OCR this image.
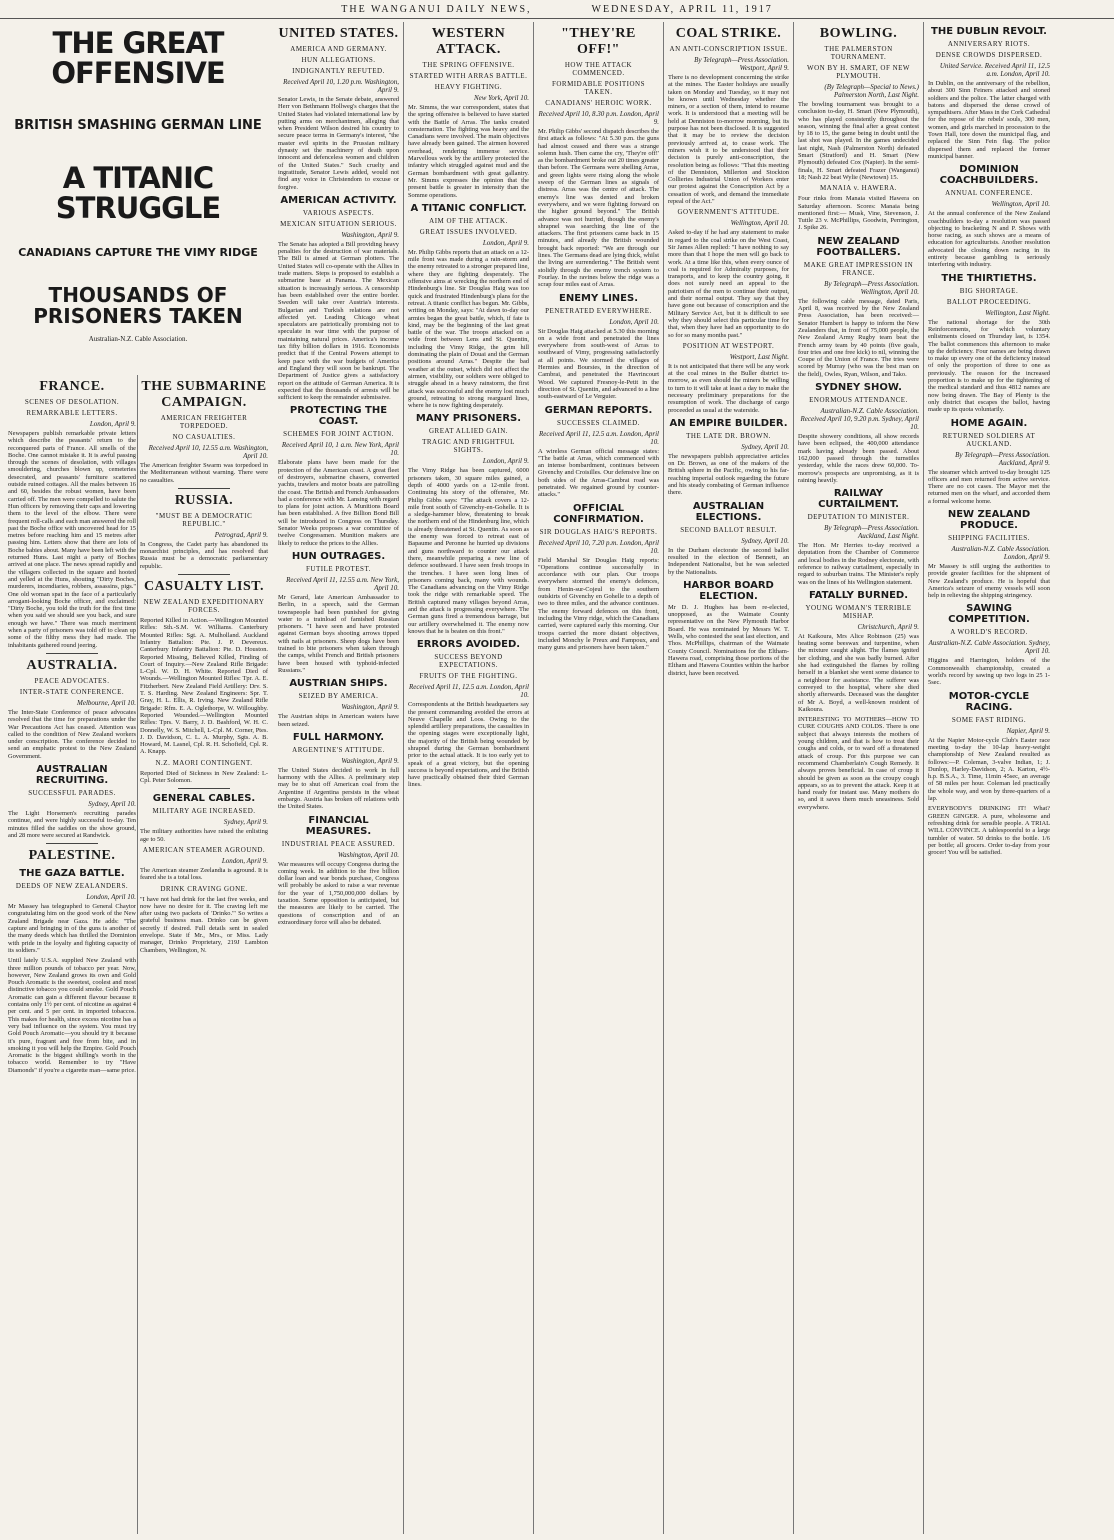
THE WANGANUI DAILY NEWS,	WEDNESDAY, APRIL 11, 1917
THE GREAT OFFENSIVE
BRITISH SMASHING GERMAN LINE
A TITANIC STRUGGLE
CANADIANS CAPTURE THE VIMY RIDGE
THOUSANDS OF PRISONERS TAKEN
Australian-N.Z. Cable Association.
FRANCE.
SCENES OF DESOLATION.
REMARKABLE LETTERS.
London, April 9.

Newspapers publish remarkable private letters which describe the peasants' return to the reconquered parts of France. All smells of the Boche. One cannot mistake it. It is awful passing through the scenes of desolation, with villages smouldering, churches blown up, cemeteries desecrated, and peasants' furniture scattered outside ruined cottages. All the males between 16 and 60, besides the robust women, have been carried off. The men were compelled to salute the Hun officers by removing their caps and lowering them to the level of the elbow. There were frequent roll-calls and each man answered the roll past the Boche office with uncovered head for 15 metres before reaching him and 15 metres after passing him. Letters show that there are lots of Boche babies about. Many have been left with the returned Huns. Last night a party of Boches arrived at one place. The news spread rapidly and the villagers collected in the square and hooted and yelled at the Huns, shouting "Dirty Boches, murderers, incendiaries, robbers, assassins, pigs." One old woman spat in the face of a particularly arrogant-looking Boche officer, and exclaimed: "Dirty Boche, you told the truth for the first time when you said we should see you back, and sure enough we have." There was much merriment when a party of prisoners was told off to clean up some of the filthy mess they had made. The inhabitants gathered round jeering.

AUSTRALIA.
PEACE ADVOCATES.
INTER-STATE CONFERENCE.
Melbourne, April 10.

The Inter-State Conference of peace advocates resolved that the time for preparations under the War Precautions Act has ceased. Attention was called to the condition of New Zealand workers under conscription. The conference decided to send an emphatic protest to the New Zealand Government.

AUSTRALIAN RECRUITING.
SUCCESSFUL PARADES.
Sydney, April 10.

The Light Horsemen's recruiting parades continue, and were highly successful to-day. Ten minutes filled the saddles on the show ground, and 28 more were secured at Randwick.

PALESTINE.
THE GAZA BATTLE.
DEEDS OF NEW ZEALANDERS.
London, April 10.

Mr Massey has telegraphed to General Chaytor congratulating him on the good work of the New Zealand Brigade near Gaza. He adds: "The capture and bringing in of the guns is another of the many deeds which has thrilled the Dominion with pride in the loyalty and fighting capacity of its soldiers."

Until lately U.S.A. supplied New Zealand with three million pounds of tobacco per year. Now, however, New Zealand grows its own and Gold Pouch Aromatic is the sweetest, coolest and most distinctive tobacco you could smoke. Gold Pouch Aromatic can gain a different flavour because it contains only 1½ per cent. of nicotine as against 4 per cent. and 5 per cent. in imported tobaccos. This makes for health, since excess nicotine has a very bad influence on the system. You must try Gold Pouch Aromatic—you should try it because it's pure, fragrant and free from bite, and in smoking it you will help the Empire. Gold Pouch Aromatic is the biggest shilling's worth in the tobacco world. Remember to try "Have Diamonds" if you're a cigarette man—same price.

THE SUBMARINE CAMPAIGN.
AMERICAN FREIGHTER TORPEDOED.
NO CASUALTIES.
Received April 10, 12.55 a.m. Washington, April 10.

The American freighter Swarm was torpedoed in the Mediterranean without warning. There were no casualties.

RUSSIA.
"MUST BE A DEMOCRATIC REPUBLIC."
Petrograd, April 9.

In Congress, the Cadet party has abandoned its monarchist principles, and has resolved that Russia must be a democratic parliamentary republic.

CASUALTY LIST.
NEW ZEALAND EXPEDITIONARY FORCES.

Reported Killed in Action.—Wellington Mounted Rifles: Sth.-S.M. W. Williams. Canterbury Mounted Rifles: Sgt. A. Mulholland. Auckland Infantry Battalion: Pte. J. P. Devereux. Canterbury Infantry Battalion: Pte. D. Houston. Reported Missing, Believed Killed, Finding of Court of Inquiry.—New Zealand Rifle Brigade: L-Cpl. W. D. H. White. Reported Died of Wounds.—Wellington Mounted Rifles: Tpr. A. E. Fitzherbert. New Zealand Field Artillery: Drv. S. T. S. Harding. New Zealand Engineers: Spr. T. Gray, H. L. Ellis, R. Irving. New Zealand Rifle Brigade: Rfm. E. A. Oglethorpe, W. Willoughby. Reported Wounded.—Wellington Mounted Rifles: Tprs. V. Barry, J. D. Bashford, W. H. C. Donnelly, W. S. Mitchell, L-Cpl. M. Corner, Ptes. J. D. Davidson, C. L. A. Murphy, Sgts. A. B. Howard, M. Lasnel, Cpl. R. H. Schofield, Cpl. R. A. Knapp.

N.Z. MAORI CONTINGENT.

Reported Died of Sickness in New Zealand: L-Cpl. Peter Solomon.

GENERAL CABLES.
MILITARY AGE INCREASED.
Sydney, April 9.

The military authorities have raised the enlisting age to 50.

AMERICAN STEAMER AGROUND.
London, April 9.

The American steamer Zeelandia is aground. It is feared she is a total loss.

DRINK CRAVING GONE.

"I have not had drink for the last five weeks, and now have no desire for it. The craving left me after using two packets of 'Drinko.'" So writes a grateful business man. Drinko can be given secretly if desired. Full details sent in sealed envelope. State if Mr., Mrs., or Miss. Lady manager, Drinko Proprietary, 219J Lambton Chambers, Wellington, N.

UNITED STATES.
AMERICA AND GERMANY.
HUN ALLEGATIONS.
INDIGNANTLY REFUTED.
Received April 10, 1.20 p.m. Washington, April 9.

Senator Lewis, in the Senate debate, answered Herr von Bethmann Hollweg's charges that the United States had violated international law by putting arms on merchantmen, alleging that when President Wilson desired his country to secure peace terms in Germany's interest, "the master evil spirits in the Prussian military dynasty set the machinery of death upon innocent and defenceless women and children of the United States." Such cruelty and ingratitude, Senator Lewis added, would not find any voice in Christendom to excuse or forgive.

AMERICAN ACTIVITY.
VARIOUS ASPECTS.
MEXICAN SITUATION SERIOUS.
Washington, April 9.

The Senate has adopted a Bill providing heavy penalties for the destruction of war materials. The Bill is aimed at German plotters. The United States will co-operate with the Allies in trade matters. Steps is proposed to establish a submarine base at Panama. The Mexican situation is increasingly serious. A censorship has been established over the entire border. Sweden will take over Austria's interests. Bulgarian and Turkish relations are not affected yet. Leading Chicago wheat speculators are patriotically promising not to speculate in war time with the purpose of maintaining natural prices. America's income tax fifty billion dollars in 1916. Economists predict that if the Central Powers attempt to keep pace with the war budgets of America and England they will soon be bankrupt. The Department of Justice gives a satisfactory report on the attitude of German America. It is expected that the thousands of arrests will be sufficient to keep the remainder submissive.

PROTECTING THE COAST.
SCHEMES FOR JOINT ACTION.
Received April 10, 1 a.m. New York, April 10.

Elaborate plans have been made for the protection of the American coast. A great fleet of destroyers, submarine chasers, converted yachts, trawlers and motor boats are patrolling the coast. The British and French Ambassadors had a conference with Mr. Lansing with regard to plans for joint action. A Munitions Board has been established. A five Billion Bond Bill will be introduced in Congress on Thursday. Senator Weeks proposes a war committee of twelve Congressmen. Munition makers are likely to reduce the prices to the Allies.

HUN OUTRAGES.
FUTILE PROTEST.
Received April 11, 12.55 a.m. New York, April 10.

Mr Gerard, late American Ambassador to Berlin, in a speech, said the German townspeople had been punished for giving water to a trainload of famished Russian prisoners. "I have seen and have protested against German boys shooting arrows tipped with nails at prisoners. Sheep dogs have been trained to bite prisoners when taken through the camps, whilst French and British prisoners have been housed with typhoid-infected Russians."

AUSTRIAN SHIPS.
SEIZED BY AMERICA.
Washington, April 9.

The Austrian ships in American waters have been seized.

FULL HARMONY.
ARGENTINE'S ATTITUDE.
Washington, April 9.

The United States decided to work in full harmony with the Allies. A preliminary step may be to shut off American coal from the Argentine if Argentina persists in the wheat embargo. Austria has broken off relations with the United States.

FINANCIAL MEASURES.
INDUSTRIAL PEACE ASSURED.
Washington, April 10.

War measures will occupy Congress during the coming week. In addition to the five billion dollar loan and war bonds purchase, Congress will probably be asked to raise a war revenue for the year of 1,750,000,000 dollars by taxation. Some opposition is anticipated, but the measures are likely to be carried. The questions of conscription and of an extraordinary force will also be debated.

WESTERN ATTACK.
THE SPRING OFFENSIVE.
STARTED WITH ARRAS BATTLE.
HEAVY FIGHTING.
New York, April 10.

Mr. Simms, the war correspondent, states that the spring offensive is believed to have started with the Battle of Arras. The tanks created consternation. The fighting was heavy and the Canadians were involved. The main objectives have already been gained. The airmen hovered overhead, rendering immense service. Marvellous work by the artillery protected the infantry which struggled against mud and the German bombardment with great gallantry. Mr. Simms expresses the opinion that the present battle is greater in intensity than the Somme operations.

A TITANIC CONFLICT.
AIM OF THE ATTACK.
GREAT ISSUES INVOLVED.
London, April 9.

Mr. Philip Gibbs reports that an attack on a 12-mile front was made during a rain-storm and the enemy retreated to a stronger prepared line, where they are fighting desperately. The offensive aims at wrecking the northern end of Hindenburg's line. Sir Douglas Haig was too quick and frustrated Hindenburg's plans for the retreat. A titanic conflict has begun. Mr. Gibbs, writing on Monday, says: "At dawn to-day our armies began the great battle, which, if fate is kind, may be the beginning of the last great battle of the war. The troops attacked on a wide front between Lens and St. Quentin, including the Vimy Ridge, the grim hill dominating the plain of Douai and the German positions around Arras." Despite the bad weather at the outset, which did not affect the airmen, visibility, our soldiers were obliged to struggle ahead in a heavy rainstorm, the first attack was successful and the enemy lost much ground, retreating to strong rearguard lines, where he is now fighting desperately.

MANY PRISONERS.
GREAT ALLIED GAIN.
TRAGIC AND FRIGHTFUL SIGHTS.
London, April 9.

The Vimy Ridge has been captured, 6000 prisoners taken, 30 square miles gained, a depth of 4000 yards on a 12-mile front. Continuing his story of the offensive, Mr. Philip Gibbs says: "The attack covers a 12-mile front south of Givenchy-en-Gohelle. It is a sledge-hammer blow, threatening to break the northern end of the Hindenburg line, which is already threatened at St. Quentin. As soon as the enemy was forced to retreat east of Bapaume and Peronne he hurried up divisions and guns northward to counter our attack there, meanwhile preparing a new line of defence southward. I have seen fresh troops in the trenches. I have seen long lines of prisoners coming back, many with wounds. The Canadians advancing on the Vimy Ridge took the ridge with remarkable speed. The British captured many villages beyond Arras, and the attack is progressing everywhere. The German guns fired a tremendous barrage, but our artillery overwhelmed it. The enemy now knows that he is beaten on this front."

ERRORS AVOIDED.
SUCCESS BEYOND EXPECTATIONS.
FRUITS OF THE FIGHTING.
Received April 11, 12.5 a.m. London, April 10.

Correspondents at the British headquarters say the present commanding avoided the errors at Neuve Chapelle and Loos. Owing to the splendid artillery preparations, the casualties in the opening stages were exceptionally light, the majority of the British being wounded by shrapnel during the German bombardment prior to the actual attack. It is too early yet to speak of a great victory, but the opening success is beyond expectations, and the British have practically obtained their third German lines.

"THEY'RE OFF!"
HOW THE ATTACK COMMENCED.
FORMIDABLE POSITIONS TAKEN.
CANADIANS' HEROIC WORK.
Received April 10, 8.30 p.m. London, April 9.

Mr. Philip Gibbs' second dispatch describes the first attack as follows: "At 5.30 p.m. the guns had almost ceased and there was a strange solemn hush. Then came the cry, 'They're off!' as the bombardment broke out 20 times greater than before. The Germans were shelling Arras, and green lights were rising along the whole sweep of the German lines as signals of distress. Arras was the centre of attack. The enemy's line was dented and broken everywhere, and we were fighting forward on the higher ground beyond." The British advance was not hurried, though the enemy's shrapnel was searching the line of the attackers. The first prisoners came back in 15 minutes, and already the British wounded brought back reported: "We are through our lines. The Germans dead are lying thick, whilst the living are surrendering." The British went stolidly through the enemy trench system to Fourlay. In the ravines below the ridge was a scrap four miles east of Arras.

ENEMY LINES.
PENETRATED EVERYWHERE.
London, April 10.

Sir Douglas Haig attacked at 5.30 this morning on a wide front and penetrated the lines everywhere from south-west of Arras to southward of Vimy, progressing satisfactorily at all points. We stormed the villages of Hermies and Boursies, in the direction of Cambrai, and penetrated the Havrincourt Wood. We captured Fresnoy-le-Petit in the direction of St. Quentin, and advanced to a line south-eastward of Le Verguier.

GERMAN REPORTS.
SUCCESSES CLAIMED.
Received April 11, 12.5 a.m. London, April 10.

A wireless German official message states: "The battle at Arras, which commenced with an intense bombardment, continues between Givenchy and Croisilles. Our defensive line on both sides of the Arras-Cambrai road was penetrated. We regained ground by counter-attacks."

OFFICIAL CONFIRMATION.
SIR DOUGLAS HAIG'S REPORTS.
Received April 10, 7.20 p.m. London, April 10.

Field Marshal Sir Douglas Haig reports: "Operations continue successfully in accordance with our plan. Our troops everywhere stormed the enemy's defences, from Henin-sur-Cojeul to the southern outskirts of Givenchy en Gohelle to a depth of two to three miles, and the advance continues. The enemy forward defences on this front, including the Vimy ridge, which the Canadians carried, were captured early this morning. Our troops carried the more distant objectives, included Monchy le Preux and Fampoux, and many guns and prisoners have been taken."

COAL STRIKE.
AN ANTI-CONSCRIPTION ISSUE.
By Telegraph—Press Association. Westport, April 9.

There is no development concerning the strike at the mines. The Easter holidays are usually taken on Monday and Tuesday, so it may not be known until Wednesday whether the miners, or a section of them, intend to resume work. It is understood that a meeting will be held at Denniston to-morrow morning, but its purpose has not been disclosed. It is suggested that it may be to review the decision previously arrived at, to cease work. The miners wish it to be understood that their decision is purely anti-conscription, the resolution being as follows: "That this meeting of the Denniston, Millerton and Stockton Collieries Industrial Union of Workers enter our protest against the Conscription Act by a cessation of work, and demand the immediate repeal of the Act."

GOVERNMENT'S ATTITUDE.
Wellington, April 10.

Asked to-day if he had any statement to make in regard to the coal strike on the West Coast, Sir James Allen replied: "I have nothing to say more than that I hope the men will go back to work. At a time like this, when every ounce of coal is required for Admiralty purposes, for transports, and to keep the country going, it does not surely need an appeal to the patriotism of the men to continue their output, and their normal output. They say that they have gone out because of conscription and the Military Service Act, but it is difficult to see why they should select this particular time for that, when they have had an opportunity to do so for so many months past."

POSITION AT WESTPORT.
Westport, Last Night.

It is not anticipated that there will be any work at the coal mines in the Buller district to-morrow, as even should the miners be willing to turn to it will take at least a day to make the necessary preliminary preparations for the resumption of work. The discharge of cargo proceeded as usual at the waterside.

AN EMPIRE BUILDER.
THE LATE DR. BROWN.
Sydney, April 10.

The newspapers publish appreciative articles on Dr. Brown, as one of the makers of the British sphere in the Pacific, owing to his far-reaching imperial outlook regarding the future and his steady combating of German influence there.

AUSTRALIAN ELECTIONS.
SECOND BALLOT RESULT.
Sydney, April 10.

In the Durham electorate the second ballot resulted in the election of Bennett, an Independent Nationalist, but he was selected by the Nationalists.

HARBOR BOARD ELECTION.

Mr D. J. Hughes has been re-elected, unopposed, as the Waimate County representative on the New Plymouth Harbor Board. He was nominated by Messrs W. T. Wells, who contested the seat last election, and Thos. McPhillips, chairman of the Waimate County Council. Nominations for the Eltham-Hawera road, comprising those portions of the Eltham and Hawera Counties within the harbor district, have been received.

BOWLING.
THE PALMERSTON TOURNAMENT.
WON BY H. SMART, OF NEW PLYMOUTH.
(By Telegraph—Special to News.) Palmerston North, Last Night.

The bowling tournament was brought to a conclusion to-day, H. Smart (New Plymouth), who has played consistently throughout the season, winning the final after a great contest by 18 to 15, the game being in doubt until the last shot was played. In the games undecided last night, Nash (Palmerston North) defeated Smart (Stratford) and H. Smart (New Plymouth) defeated Cox (Napier). In the semi-finals, H. Smart defeated Frazer (Wanganui) 18; Nash 22 beat Wylie (Newtown) 15.

MANAIA v. HAWERA.

Four rinks from Manaia visited Hawera on Saturday afternoon. Scores: Manaia being mentioned first:— Musk, Vine, Stevenson, J. Tuttle 23 v. McPhillips, Goodwin, Perrington, J. Spike 26.

NEW ZEALAND FOOTBALLERS.
MAKE GREAT IMPRESSION IN FRANCE.
By Telegraph—Press Association. Wellington, April 10.

The following cable message, dated Paris, April 8, was received by the New Zealand Press Association, has been received:— Senator Humbert is happy to inform the New Zealanders that, in front of 75,000 people, the New Zealand Army Rugby team beat the French army team by 40 points (five goals, four tries and one free kick) to nil, winning the Coupe of the Union of France. The tries were scored by Murray (who was the best man on the field), Owles, Ryan, Wilson, and Tako.

SYDNEY SHOW.
ENORMOUS ATTENDANCE.
Australian-N.Z. Cable Association. Received April 10, 9.20 p.m. Sydney, April 10.

Despite showery conditions, all show records have been eclipsed, the 400,000 attendance mark having already been passed. About 162,000 passed through the turnstiles yesterday, while the races drew 60,000. To-morrow's prospects are unpromising, as it is raining heavily.

RAILWAY CURTAILMENT.
DEPUTATION TO MINISTER.
By Telegraph—Press Association. Auckland, Last Night.

The Hon. Mr Herries to-day received a deputation from the Chamber of Commerce and local bodies in the Rodney electorate, with reference to railway curtailment, especially in regard to suburban trains. The Minister's reply was on the lines of his Wellington statement.

FATALLY BURNED.
YOUNG WOMAN'S TERRIBLE MISHAP.
Christchurch, April 9.

At Kaikoura, Mrs Alice Robinson (25) was heating some beeswax and turpentine, when the mixture caught alight. The flames ignited her clothing, and she was badly burned. After she had extinguished the flames by rolling herself in a blanket she went some distance to a neighbour for assistance. The sufferer was conveyed to the hospital, where she died shortly afterwards. Deceased was the daughter of Mr A. Boyd, a well-known resident of Kaikoura.

INTERESTING TO MOTHERS—HOW TO CURE COUGHS AND COLDS. There is one subject that always interests the mothers of young children, and that is how to treat their coughs and colds, or to ward off a threatened attack of croup. For this purpose we can recommend Chamberlain's Cough Remedy. It always proves beneficial. In case of croup it should be given as soon as the croupy cough appears, so as to prevent the attack. Keep it at hand ready for instant use. Many mothers do so, and it saves them much uneasiness. Sold everywhere.

THE DUBLIN REVOLT.
ANNIVERSARY RIOTS.
DENSE CROWDS DISPERSED.
United Service. Received April 11, 12.5 a.m. London, April 10.

In Dublin, on the anniversary of the rebellion, about 300 Sinn Feiners attacked and stoned soldiers and the police. The latter charged with batons and dispersed the dense crowd of sympathisers. After Mass in the Cork Cathedral for the repose of the rebels' souls, 300 men, women, and girls marched in procession to the Town Hall, tore down the municipal flag, and replaced the Sinn Fein flag. The police dispersed them and replaced the former municipal banner.

DOMINION COACHBUILDERS.
ANNUAL CONFERENCE.
Wellington, April 10.

At the annual conference of the New Zealand coachbuilders to-day a resolution was passed objecting to bracketing N and P. Shows with horse racing, as such shows are a means of education for agriculturists. Another resolution advocated the closing down racing in its entirety because gambling is seriously interfering with industry.

THE THIRTIETHS.
BIG SHORTAGE.
BALLOT PROCEEDING.
Wellington, Last Night.

The national shortage for the 30th Reinforcements, for which voluntary enlistments closed on Thursday last, is 1354. The ballot commences this afternoon to make up the deficiency. Four names are being drawn to make up every one of the deficiency instead of only the proportion of three to one as previously. The reason for the increased proportion is to make up for the tightening of the medical standard and thus 4812 names are now being drawn. The Bay of Plenty is the only district that escapes the ballot, having made up its quota voluntarily.

HOME AGAIN.
RETURNED SOLDIERS AT AUCKLAND.
By Telegraph—Press Association. Auckland, April 9.

The steamer which arrived to-day brought 125 officers and men returned from active service. There are no cot cases. The Mayor met the returned men on the wharf, and accorded them a formal welcome home.

NEW ZEALAND PRODUCE.
SHIPPING FACILITIES.
Australian-N.Z. Cable Association. London, April 9.

Mr Massey is still urging the authorities to provide greater facilities for the shipment of New Zealand's produce. He is hopeful that America's seizure of enemy vessels will soon help in relieving the shipping stringency.

SAWING COMPETITION.
A WORLD'S RECORD.
Australian-N.Z. Cable Association. Sydney, April 10.

Higgins and Harrington, holders of the Commonwealth championship, created a world's record by sawing up two logs in 25 1-5sec.

MOTOR-CYCLE RACING.
SOME FAST RIDING.
Napier, April 9.

At the Napier Motor-cycle Club's Easter race meeting to-day the 10-lap heavy-weight championship of New Zealand resulted as follows:—P. Coleman, 3-valve Indian, 1; J. Dunlop, Harley-Davidson, 2; A. Karton, 4½-h.p. B.S.A., 3. Time, 11min 45sec, an average of 58 miles per hour. Coleman led practically the whole way, and won by three-quarters of a lap.

EVERYBODY'S DRINKING IT! What? GREEN GINGER. A pure, wholesome and refreshing drink for sensible people. A TRIAL WILL CONVINCE. A tablespoonful to a large tumbler of water. 50 drinks to the bottle. 1/6 per bottle; all grocers. Order to-day from your grocer! You will be satisfied.
